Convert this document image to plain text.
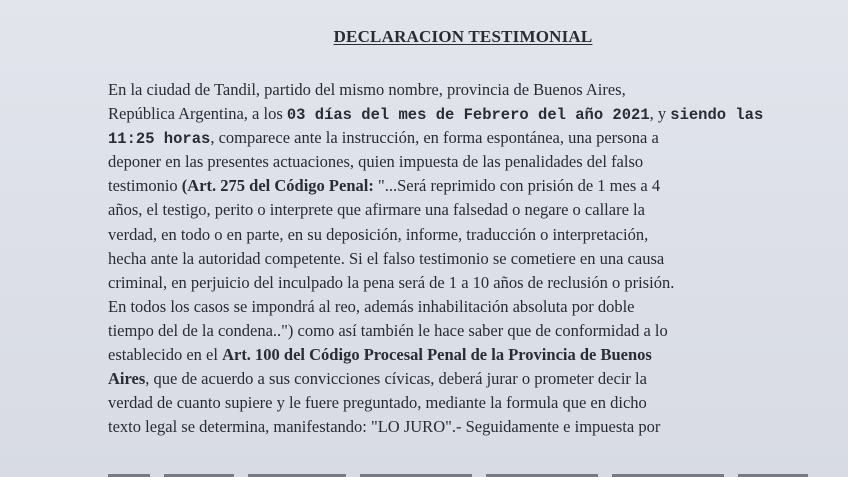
DECLARACION TESTIMONIAL
En la ciudad de Tandil, partido del mismo nombre, provincia de Buenos Aires,
República Argentina, a los 03 días del mes de Febrero del año 2021, y siendo las
11:25 horas, comparece ante la instrucción, en forma espontánea, una persona a
deponer en las presentes actuaciones, quien impuesta de las penalidades del falso
testimonio (Art. 275 del Código Penal: "...Será reprimido con prisión de 1 mes a 4
años, el testigo, perito o interprete que afirmare una falsedad o negare o callare la
verdad, en todo o en parte, en su deposición, informe, traducción o interpretación,
hecha ante la autoridad competente. Si el falso testimonio se cometiere en una causa
criminal, en perjuicio del inculpado la pena será de 1 a 10 años de reclusión o prisión.
En todos los casos se impondrá al reo, además inhabilitación absoluta por doble
tiempo del de la condena..") como así también le hace saber que de conformidad a lo
establecido en el Art. 100 del Código Procesal Penal de la Provincia de Buenos
Aires, que de acuerdo a sus convicciones cívicas, deberá jurar o prometer decir la
verdad de cuanto supiere y le fuere preguntado, mediante la formula que en dicho
texto legal se determina, manifestando: "LO JURO".- Seguidamente e impuesta por
